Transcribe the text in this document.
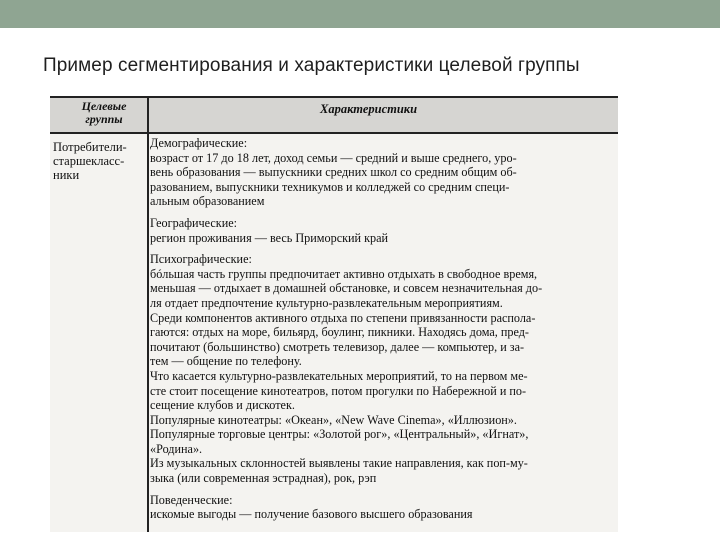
Пример сегментирования и характеристики целевой группы
Целевые
группы
Характеристики
Потребители-
старшекласс-
ники
Демографические:
возраст от 17 до 18 лет, доход семьи — средний и выше среднего, уро-
вень образования — выпускники средних школ со средним общим об-
разованием, выпускники техникумов и колледжей со средним специ-
альным образованием
Географические:
регион проживания — весь Приморский край
Психографические:
бóльшая часть группы предпочитает активно отдыхать в свободное время,
меньшая — отдыхает в домашней обстановке, и совсем незначительная до-
ля отдает предпочтение культурно-развлекательным мероприятиям.
Среди компонентов активного отдыха по степени привязанности распола-
гаются: отдых на море, бильярд, боулинг, пикники. Находясь дома, пред-
почитают (большинство) смотреть телевизор, далее — компьютер, и за-
тем — общение по телефону.
Что касается культурно-развлекательных мероприятий, то на первом ме-
сте стоит посещение кинотеатров, потом прогулки по Набережной и по-
сещение клубов и дискотек.
Популярные кинотеатры: «Океан», «New Wave Cinema», «Иллюзион».
Популярные торговые центры: «Золотой рог», «Центральный», «Игнат»,
«Родина».
Из музыкальных склонностей выявлены такие направления, как поп-му-
зыка (или современная эстрадная), рок, рэп
Поведенческие:
искомые выгоды — получение базового высшего образования
